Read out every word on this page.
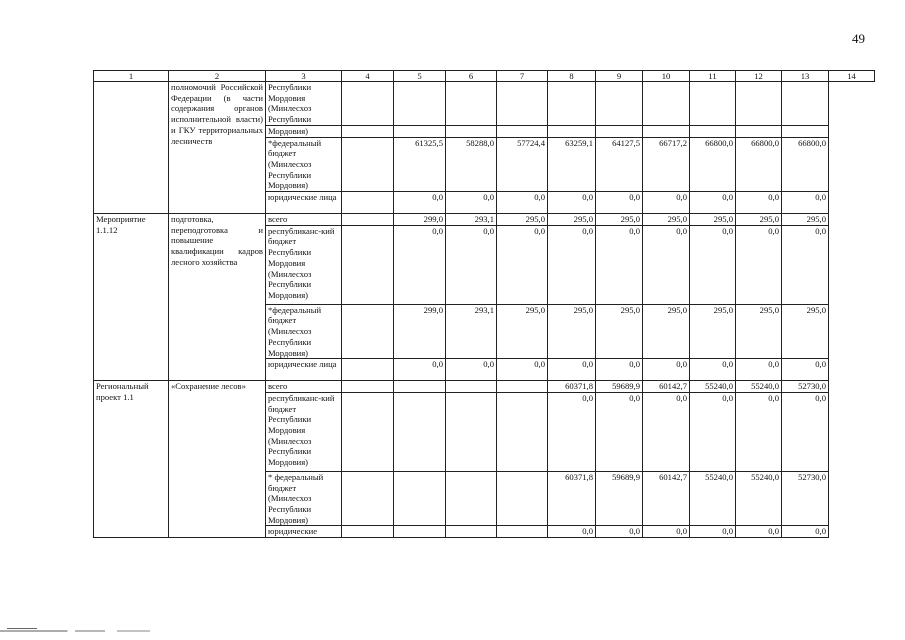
49
1	2	3	4	5	6	7	8	9	10	11	12	13	14
	полномочий Российской Федерации (в части содержания органов исполнительной власти) и ГКУ территориальных лесничеств	Республики Мордовия (Минлесхоз Республики											
		Мордовия)											
		*федеральный бюджет (Минлесхоз Республики Мордовия)		61325,5	58288,0	57724,4	63259,1	64127,5	66717,2	66800,0	66800,0	66800,0	
		юридические лица		0,0	0,0	0,0	0,0	0,0	0,0	0,0	0,0	0,0	
Мероприятие 1.1.12	подготовка, переподготовка и повышение квалификации кадров лесного хозяйства	всего		299,0	293,1	295,0	295,0	295,0	295,0	295,0	295,0	295,0	
		республиканс-кий бюджет Республики Мордовия (Минлесхоз Республики Мордовия)		0,0	0,0	0,0	0,0	0,0	0,0	0,0	0,0	0,0	
		*федеральный бюджет (Минлесхоз Республики Мордовия)		299,0	293,1	295,0	295,0	295,0	295,0	295,0	295,0	295,0	
		юридические лица		0,0	0,0	0,0	0,0	0,0	0,0	0,0	0,0	0,0	
Региональный проект 1.1	«Сохранение лесов»	всего					60371,8	59689,9	60142,7	55240,0	55240,0	52730,0	
		республиканс-кий бюджет Республики Мордовия (Минлесхоз Республики Мордовия)					0,0	0,0	0,0	0,0	0,0	0,0	
		* федеральный бюджет (Минлесхоз Республики Мордовия)					60371,8	59689,9	60142,7	55240,0	55240,0	52730,0	
		юридические					0,0	0,0	0,0	0,0	0,0	0,0	
